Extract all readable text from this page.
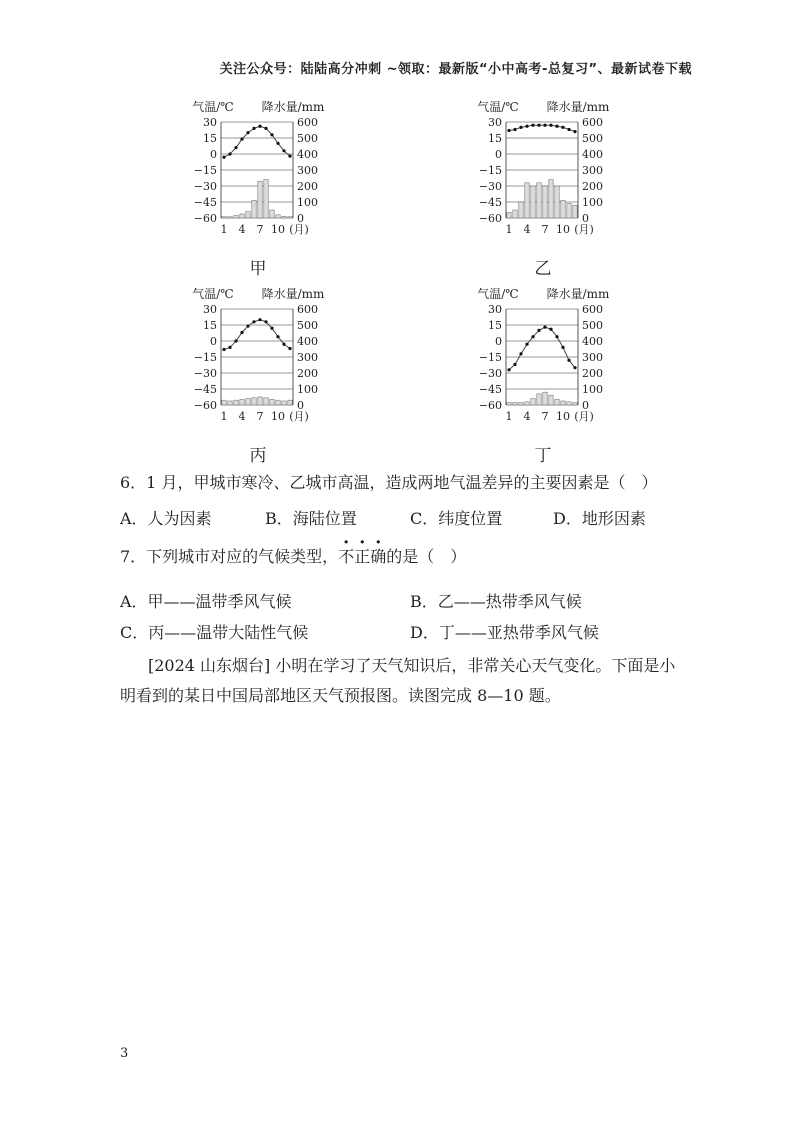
关注公众号：陆陆高分冲刺 ~领取：最新版“小中高考-总复习”、最新试卷下载
气温/℃ 降水量/mm
30
15
0
−15
−30
−45
−60
600
500
400
300
200
100
0
1 4 7 10 (月)
甲
气温/℃ 降水量/mm
30
15
0
−15
−30
−45
−60
600
500
400
300
200
100
0
1 4 7 10 (月)
乙
气温/℃ 降水量/mm
30
15
0
−15
−30
−45
−60
600
500
400
300
200
100
0
1 4 7 10 (月)
丙
气温/℃ 降水量/mm
30
15
0
−15
−30
−45
−60
600
500
400
300
200
100
0
1 4 7 10 (月)
丁
6．1 月，甲城市寒冷、乙城市高温，造成两地气温差异的主要因素是（　）
A．人为因素	B．海陆位置	C．纬度位置	D．地形因素
7．下列城市对应的气候类型，不正确的是（　）
A．甲——温带季风气候	B．乙——热带季风气候
C．丙——温带大陆性气候	D．丁——亚热带季风气候
[2024 山东烟台] 小明在学习了天气知识后，非常关心天气变化。下面是小
明看到的某日中国局部地区天气预报图。读图完成 8—10 题。
3
